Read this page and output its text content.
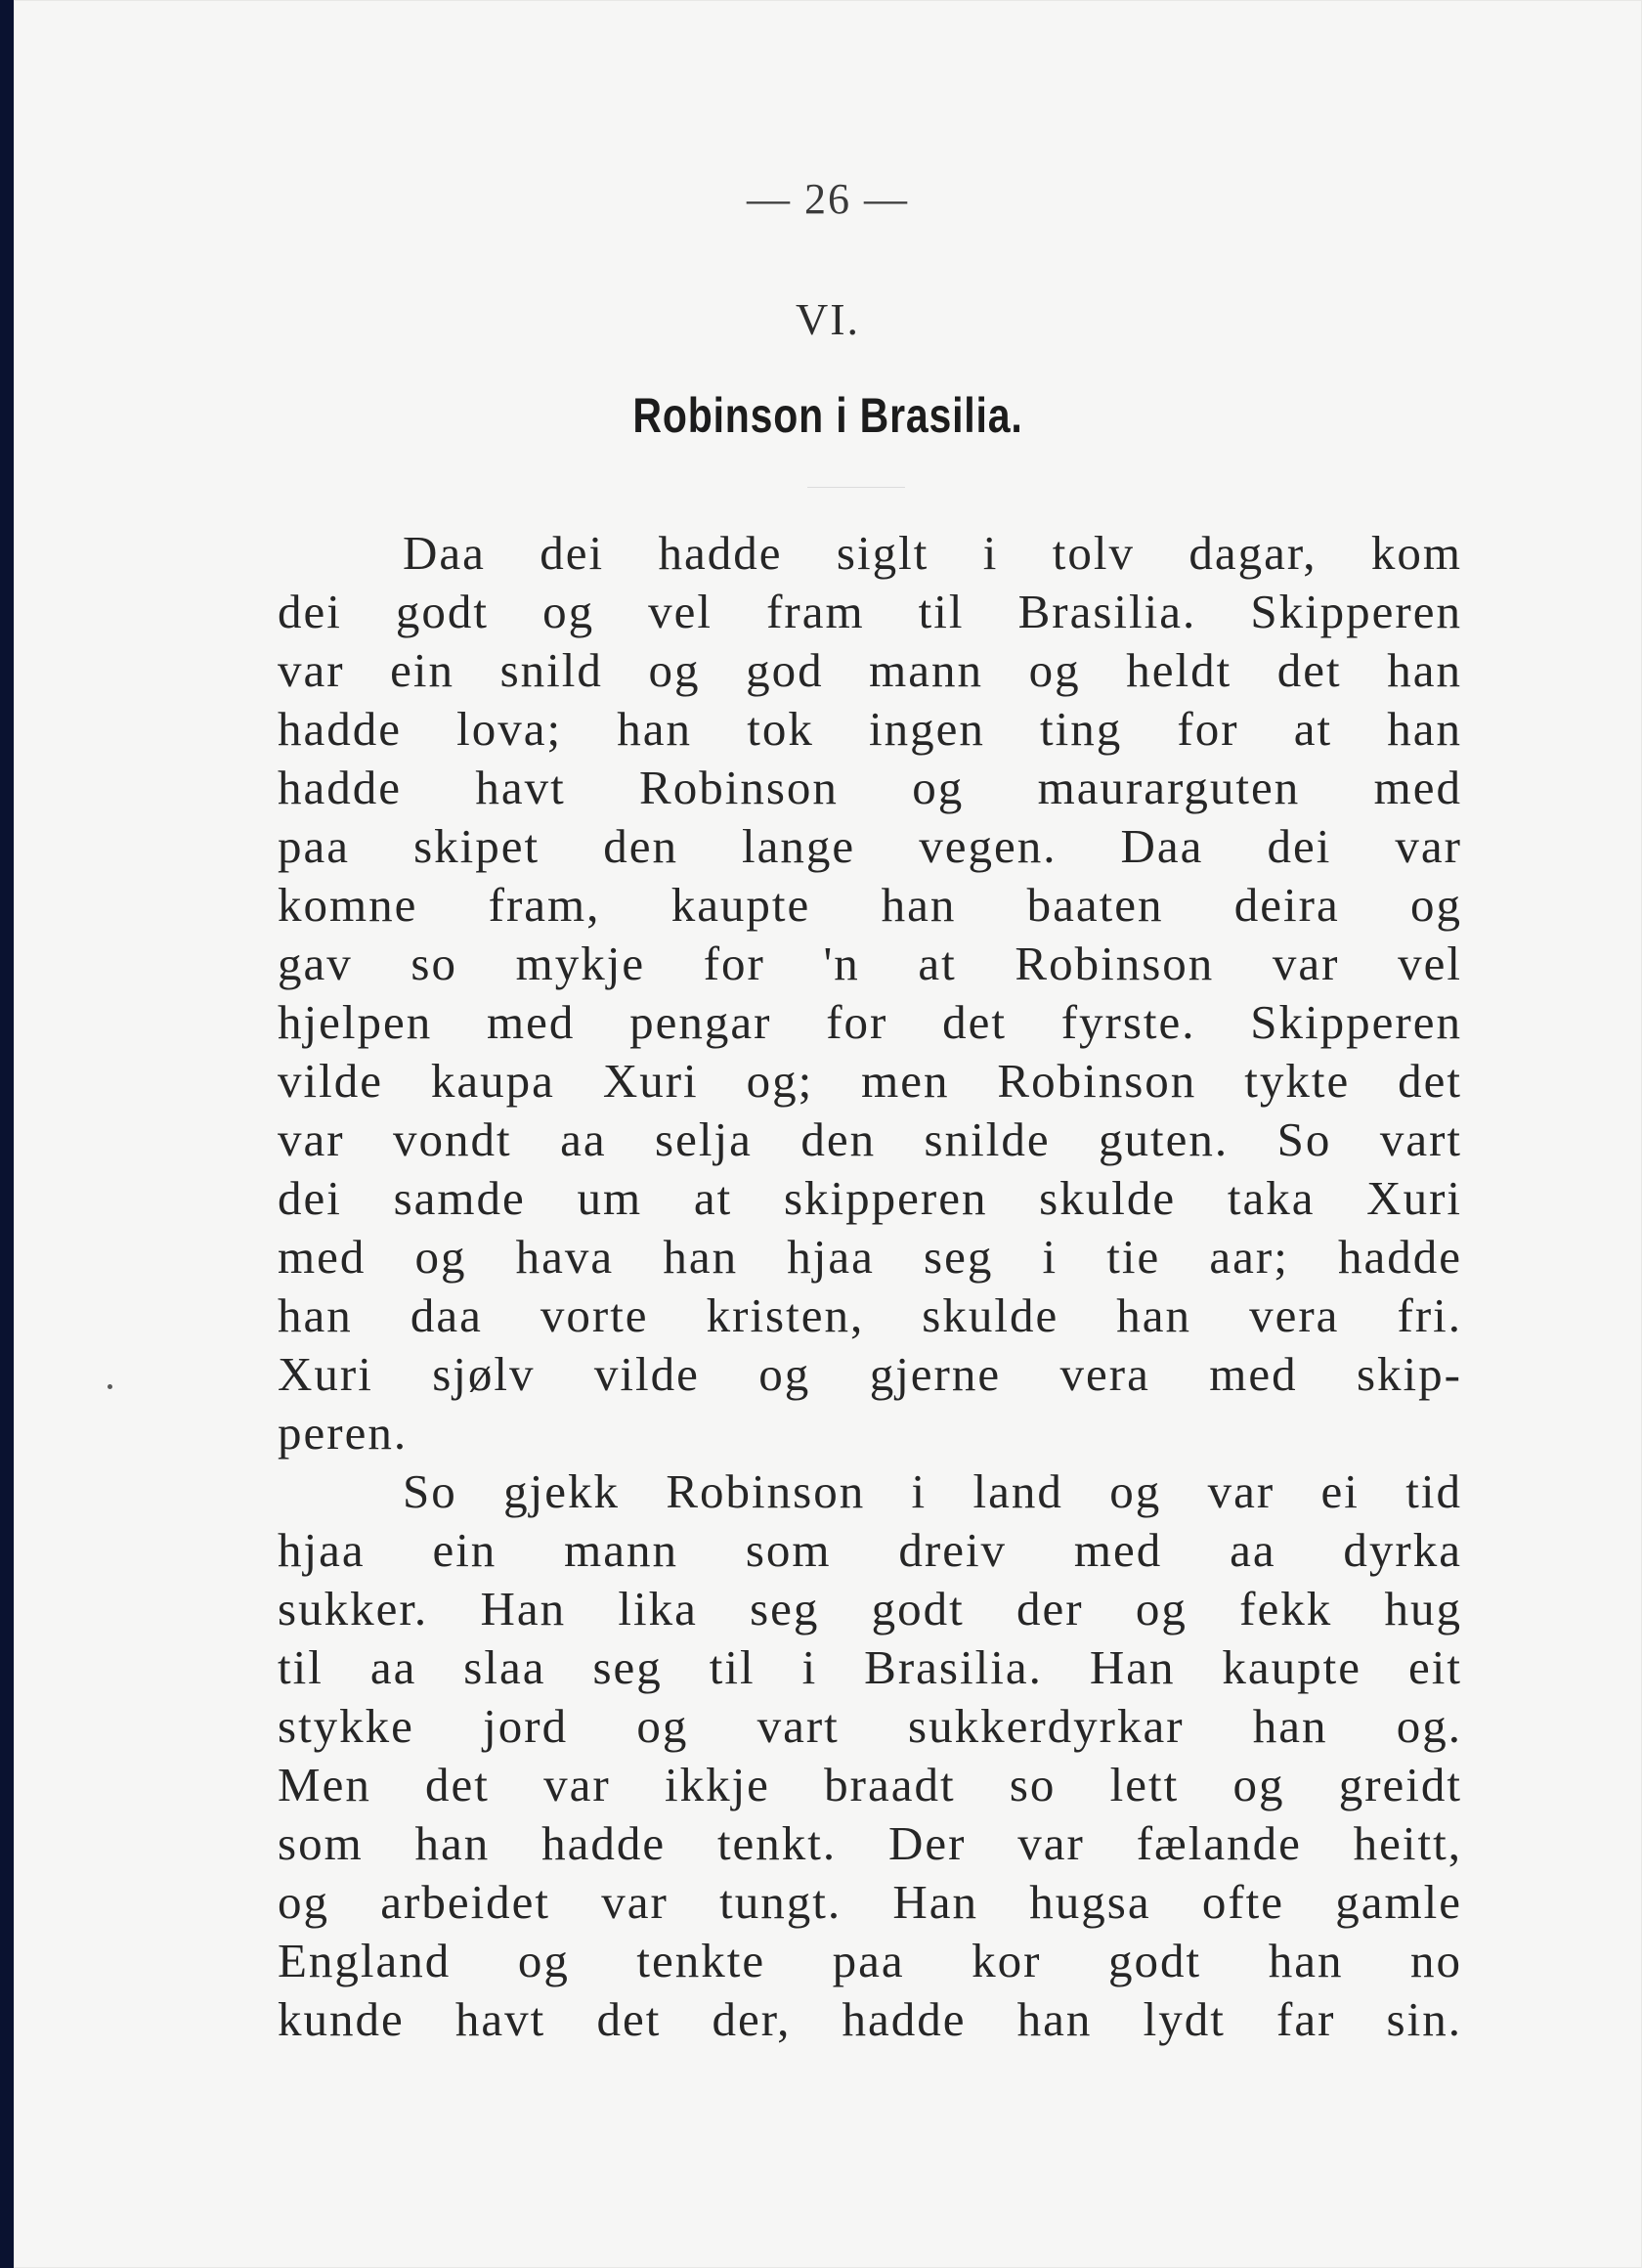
— 26 —
VI.
Robinson i Brasilia.
Daa dei hadde siglt i tolv dagar, kom
dei godt og vel fram til Brasilia. Skipperen
var ein snild og god mann og heldt det han
hadde lova; han tok ingen ting for at han
hadde havt Robinson og maurarguten med
paa skipet den lange vegen. Daa dei var
komne fram, kaupte han baaten deira og
gav so mykje for 'n at Robinson var vel
hjelpen med pengar for det fyrste. Skipperen
vilde kaupa Xuri og; men Robinson tykte det
var vondt aa selja den snilde guten. So vart
dei samde um at skipperen skulde taka Xuri
med og hava han hjaa seg i tie aar; hadde
han daa vorte kristen, skulde han vera fri.
Xuri sjølv vilde og gjerne vera med skip-
peren.
So gjekk Robinson i land og var ei tid
hjaa ein mann som dreiv med aa dyrka
sukker. Han lika seg godt der og fekk hug
til aa slaa seg til i Brasilia. Han kaupte eit
stykke jord og vart sukkerdyrkar han og.
Men det var ikkje braadt so lett og greidt
som han hadde tenkt. Der var fælande heitt,
og arbeidet var tungt. Han hugsa ofte gamle
England og tenkte paa kor godt han no
kunde havt det der, hadde han lydt far sin.
